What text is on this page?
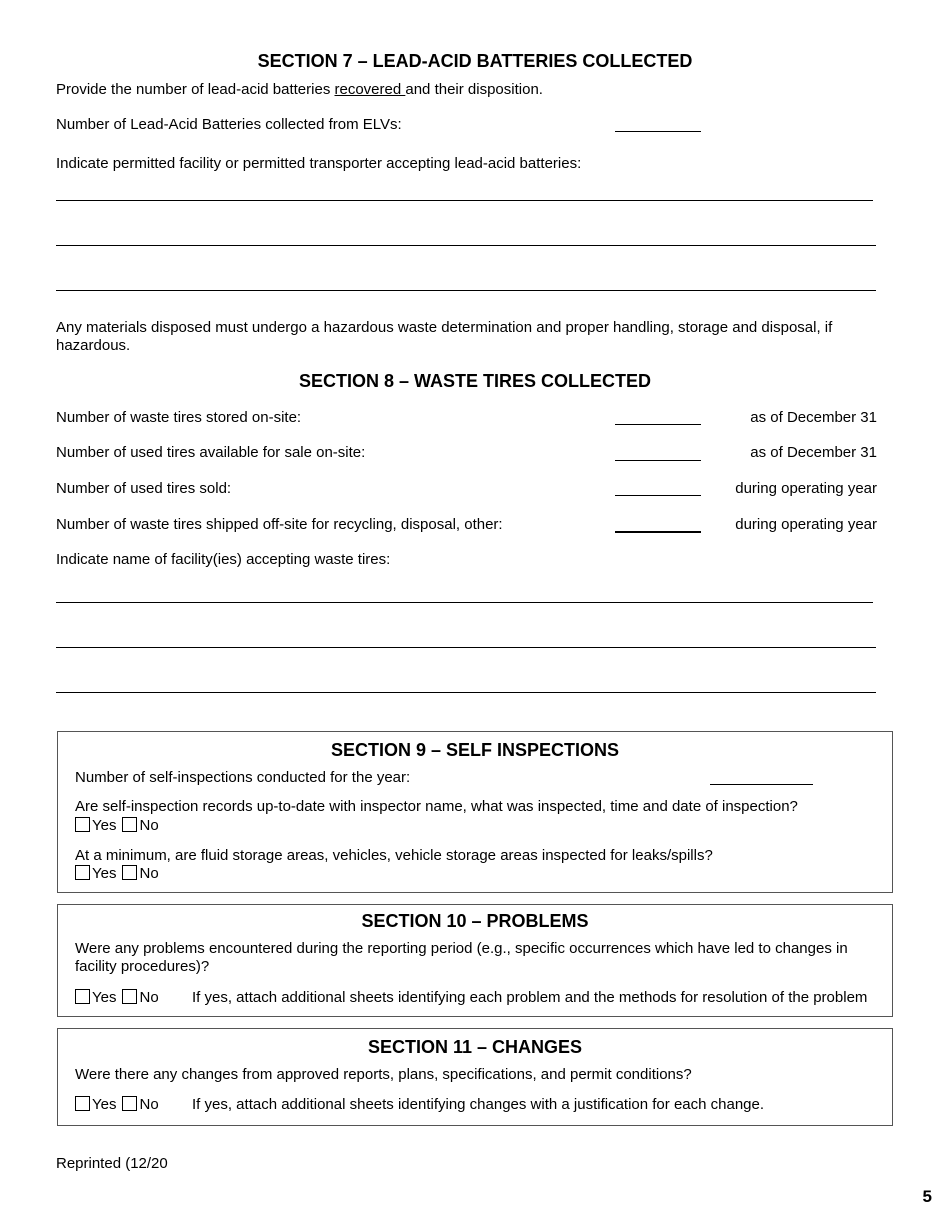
SECTION 7 – LEAD-ACID BATTERIES COLLECTED
Provide the number of lead-acid batteries recovered and their disposition.
Number of Lead-Acid Batteries collected from ELVs:
Indicate permitted facility or permitted transporter accepting lead-acid batteries:
Any materials disposed must undergo a hazardous waste determination and proper handling, storage and disposal, if hazardous.
SECTION 8 – WASTE TIRES COLLECTED
Number of waste tires stored on-site:	as of December 31
Number of used tires available for sale on-site:	as of December 31
Number of used tires sold:	during operating year
Number of waste tires shipped off-site for recycling, disposal, other:	during operating year
Indicate name of facility(ies) accepting waste tires:
SECTION 9 – SELF INSPECTIONS
Number of self-inspections conducted for the year:
Are self-inspection records up-to-date with inspector name, what was inspected, time and date of inspection?
Yes No
At a minimum, are fluid storage areas, vehicles, vehicle storage areas inspected for leaks/spills?
Yes No
SECTION 10 – PROBLEMS
Were any problems encountered during the reporting period (e.g., specific occurrences which have led to changes in facility procedures)?
Yes No	If yes, attach additional sheets identifying each problem and the methods for resolution of the problem
SECTION 11 – CHANGES
Were there any changes from approved reports, plans, specifications, and permit conditions?
Yes No	If yes, attach additional sheets identifying changes with a justification for each change.
Reprinted (12/20
5
